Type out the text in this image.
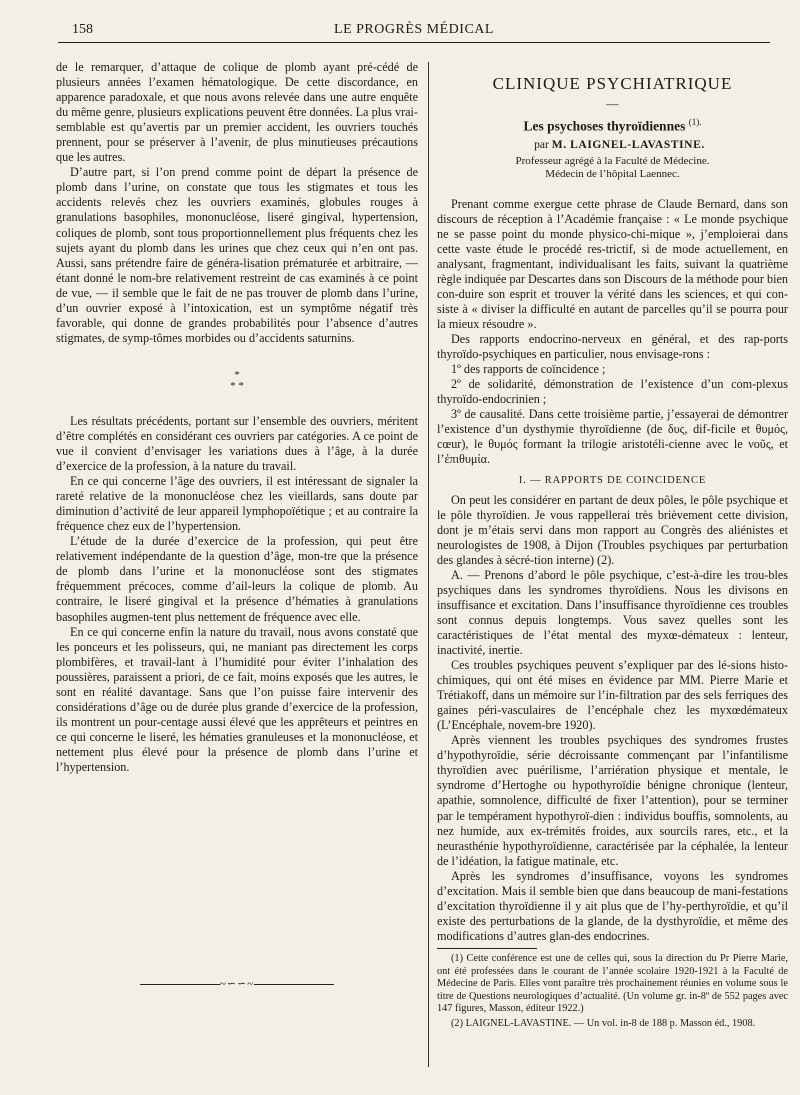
158	LE PROGRÈS MÉDICAL

de le remarquer, d’attaque de colique de plomb ayant pré-cédé de plusieurs années l’examen hématologique. De cette discordance, en apparence paradoxale, et que nous avons relevée dans une autre enquête du même genre, plusieurs explications peuvent être données. La plus vrai-semblable est qu’avertis par un premier accident, les ouvriers touchés prennent, pour se préserver à l’avenir, de plus minutieuses précautions que les autres.

D’autre part, si l’on prend comme point de départ la présence de plomb dans l’urine, on constate que tous les stigmates et tous les accidents relevés chez les ouvriers examinés, globules rouges à granulations basophiles, mononucléose, liseré gingival, hypertension, coliques de plomb, sont tous proportionnellement plus fréquents chez les sujets ayant du plomb dans les urines que chez ceux qui n’en ont pas. Aussi, sans prétendre faire de généra-lisation prématurée et arbitraire, — étant donné le nom-bre relativement restreint de cas examinés à ce point de vue, — il semble que le fait de ne pas trouver de plomb dans l’urine, d’un ouvrier exposé à l’intoxication, est un symptôme négatif très favorable, qui donne de grandes probabilités pour l’absence d’autres stigmates, de symp-tômes morbides ou d’accidents saturnins.

*
* *

Les résultats précédents, portant sur l’ensemble des ouvriers, méritent d’être complétés en considérant ces ouvriers par catégories. A ce point de vue il convient d’envisager les variations dues à l’âge, à la durée d’exercice de la profession, à la nature du travail.

En ce qui concerne l’âge des ouvriers, il est intéressant de signaler la rareté relative de la mononucléose chez les vieillards, sans doute par diminution d’activité de leur appareil lymphopoïétique ; et au contraire la fréquence chez eux de l’hypertension.

L’étude de la durée d’exercice de la profession, qui peut être relativement indépendante de la question d’âge, mon-tre que la présence de plomb dans l’urine et la mononucléose sont des stigmates fréquemment précoces, comme d’ail-leurs la colique de plomb. Au contraire, le liseré gingival et la présence d’hématies à granulations basophiles augmen-tent plus nettement de fréquence avec elle.

En ce qui concerne enfin la nature du travail, nous avons constaté que les ponceurs et les polisseurs, qui, ne maniant pas directement les corps plombifères, et travail-lant à l’humidité pour éviter l’inhalation des poussières, paraissent a priori, de ce fait, moins exposés que les autres, le sont en réalité davantage. Sans que l’on puisse faire intervenir des considérations d’âge ou de durée plus grande d’exercice de la profession, ils montrent un pour-centage aussi élevé que les apprêteurs et peintres en ce qui concerne le liseré, les hématies granuleuses et la mononucléose, et nettement plus élevé pour la présence de plomb dans l’urine et l’hypertension.

~∽∽~
CLINIQUE PSYCHIATRIQUE
—
Les psychoses thyroïdiennes $^{(1).}$

par M. LAIGNEL-LAVASTINE.

Professeur agrégé à la Faculté de Médecine.
Médecin de l’hôpital Laennec.

Prenant comme exergue cette phrase de Claude Bernard, dans son discours de réception à l’Académie française : « Le monde psychique ne se passe point du monde physico-chi-mique », j’emploierai dans cette vaste étude le procédé res-trictif, si de mode actuellement, en analysant, fragmentant, individualisant les faits, suivant la quatrième règle indiquée par Descartes dans son Discours de la méthode pour bien con-duire son esprit et trouver la vérité dans les sciences, et qui con-siste à « diviser la difficulté en autant de parcelles qu’il se pourra pour la mieux résoudre ».

Des rapports endocrino-nerveux en général, et des rap-ports thyroïdo-psychiques en particulier, nous envisage-rons :

1º des rapports de coïncidence ;

2º de solidarité, démonstration de l’existence d’un com-plexus thyroïdo-endocrinien ;

3º de causalité. Dans cette troisième partie, j’essayerai de démontrer l’existence d’un dysthymie thyroïdienne (de δυς, dif-ficile et θυμός, cœur), le θυμός formant la trilogie aristotéli-cienne avec le νοῦς, et l’ἐπιθυμία.

I. — RAPPORTS DE COINCIDENCE

On peut les considérer en partant de deux pôles, le pôle psychique et le pôle thyroïdien. Je vous rappellerai très brièvement cette division, dont je m’étais servi dans mon rapport au Congrès des aliénistes et neurologistes de 1908, à Dijon (Troubles psychiques par perturbation des glandes à sécré-tion interne) (2).

A. — Prenons d’abord le pôle psychique, c’est-à-dire les trou-bles psychiques dans les syndromes thyroïdiens. Nous les divisons en insuffisance et excitation. Dans l’insuffisance thyroïdienne ces troubles sont connus depuis longtemps. Vous savez quelles sont les caractéristiques de l’état mental des myxœ-démateux : lenteur, inactivité, inertie.

Ces troubles psychiques peuvent s’expliquer par des lé-sions histo-chimiques, qui ont été mises en évidence par MM. Pierre Marie et Trétiakoff, dans un mémoire sur l’in-filtration par des sels ferriques des gaines péri-vasculaires de l’encéphale chez les myxœdémateux (L’Encéphale, novem-bre 1920).

Après viennent les troubles psychiques des syndromes frustes d’hypothyroïdie, série décroissante commençant par l’infantilisme thyroïdien avec puérilisme, l’arriération physique et mentale, le syndrome d’Hertoghe ou hypothyroïdie bénigne chronique (lenteur, apathie, somnolence, difficulté de fixer l’attention), pour se terminer par le tempérament hypothyroï-dien : individus bouffis, somnolents, au nez humide, aux ex-trémités froides, aux sourcils rares, etc., et la neurasthénie hypothyroïdienne, caractérisée par la céphalée, la lenteur de l’idéation, la fatigue matinale, etc.

Après les syndromes d’insuffisance, voyons les syndromes d’excitation. Mais il semble bien que dans beaucoup de mani-festations d’excitation thyroïdienne il y ait plus que de l’hy-perthyroïdie, et qu’il existe des perturbations de la glande, de la dysthyroïdie, et même des modifications d’autres glan-des endocrines.

(1) Cette conférence est une de celles qui, sous la direction du Pr Pierre Marie, ont été professées dans le courant de l’année scolaire 1920-1921 à la Faculté de Médecine de Paris. Elles vont paraître très prochainement réunies en volume sous le titre de Questions neurologiques d’actualité. (Un volume gr. in-8º de 552 pages avec 147 figures, Masson, éditeur 1922.)

(2) LAIGNEL-LAVASTINE. — Un vol. in-8 de 188 p. Masson éd., 1908.
